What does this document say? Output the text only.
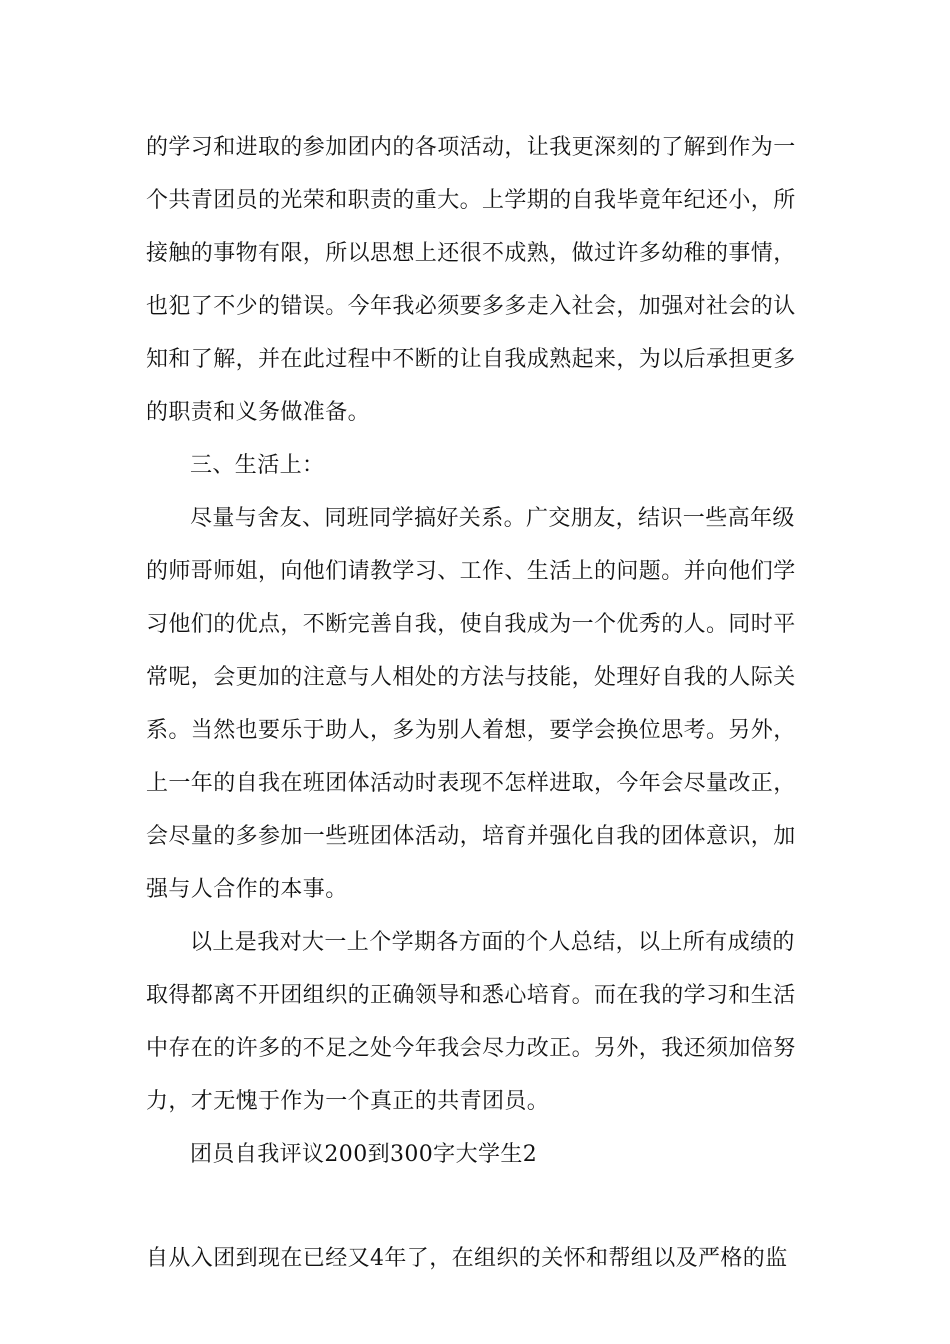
的学习和进取的参加团内的各项活动，让我更深刻的了解到作为一
个共青团员的光荣和职责的重大。上学期的自我毕竟年纪还小，所
接触的事物有限，所以思想上还很不成熟，做过许多幼稚的事情，
也犯了不少的错误。今年我必须要多多走入社会，加强对社会的认
知和了解，并在此过程中不断的让自我成熟起来，为以后承担更多
的职责和义务做准备。
三、生活上：
尽量与舍友、同班同学搞好关系。广交朋友，结识一些高年级
的师哥师姐，向他们请教学习、工作、生活上的问题。并向他们学
习他们的优点，不断完善自我，使自我成为一个优秀的人。同时平
常呢，会更加的注意与人相处的方法与技能，处理好自我的人际关
系。当然也要乐于助人，多为别人着想，要学会换位思考。另外，
上一年的自我在班团体活动时表现不怎样进取，今年会尽量改正，
会尽量的多参加一些班团体活动，培育并强化自我的团体意识，加
强与人合作的本事。
以上是我对大一上个学期各方面的个人总结，以上所有成绩的
取得都离不开团组织的正确领导和悉心培育。而在我的学习和生活
中存在的许多的不足之处今年我会尽力改正。另外，我还须加倍努
力，才无愧于作为一个真正的共青团员。
团员自我评议200到300字大学生2
自从入团到现在已经又4年了，在组织的关怀和帮组以及严格的监
